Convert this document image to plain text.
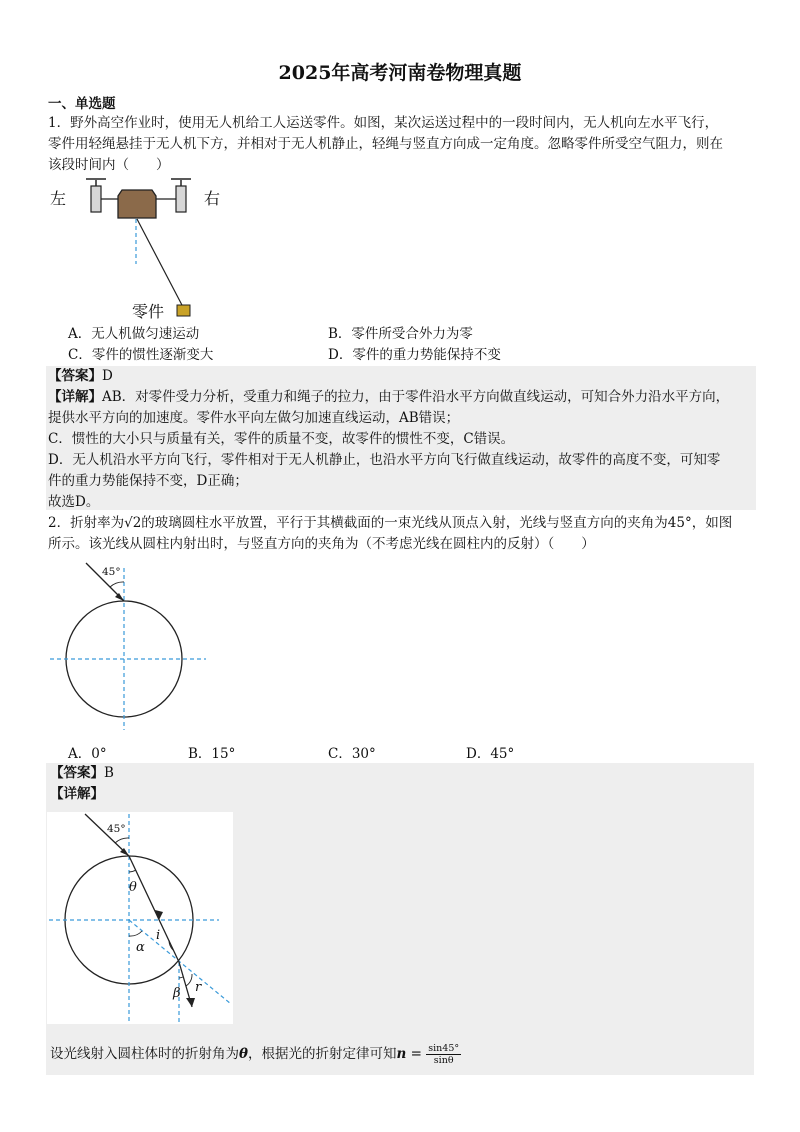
2025年高考河南卷物理真题
一、单选题
1．野外高空作业时，使用无人机给工人运送零件。如图，某次运送过程中的一段时间内，无人机向左水平飞行，
零件用轻绳悬挂于无人机下方，并相对于无人机静止，轻绳与竖直方向成一定角度。忽略零件所受空气阻力，则在
该段时间内（　　）
左	右
零件
A．无人机做匀速运动	B．零件所受合外力为零
C．零件的惯性逐渐变大	D．零件的重力势能保持不变
【答案】D
【详解】AB．对零件受力分析，受重力和绳子的拉力，由于零件沿水平方向做直线运动，可知合外力沿水平方向，
提供水平方向的加速度。零件水平向左做匀加速直线运动，AB错误；
C．惯性的大小只与质量有关，零件的质量不变，故零件的惯性不变，C错误。
D．无人机沿水平方向飞行，零件相对于无人机静止，也沿水平方向飞行做直线运动，故零件的高度不变，可知零
件的重力势能保持不变，D正确；
故选D。
2．折射率为√2的玻璃圆柱水平放置，平行于其横截面的一束光线从顶点入射，光线与竖直方向的夹角为45°，如图
所示。该光线从圆柱内射出时，与竖直方向的夹角为（不考虑光线在圆柱内的反射）（　　）
45°
A．0°	B．15°	C．30°	D．45°
【答案】B
【详解】
45°
θ
i
α
β r
设光线射入圆柱体时的折射角为θ，根据光的折射定律可知$n = \frac{\sin 45^\circ}{\sin\theta}$
